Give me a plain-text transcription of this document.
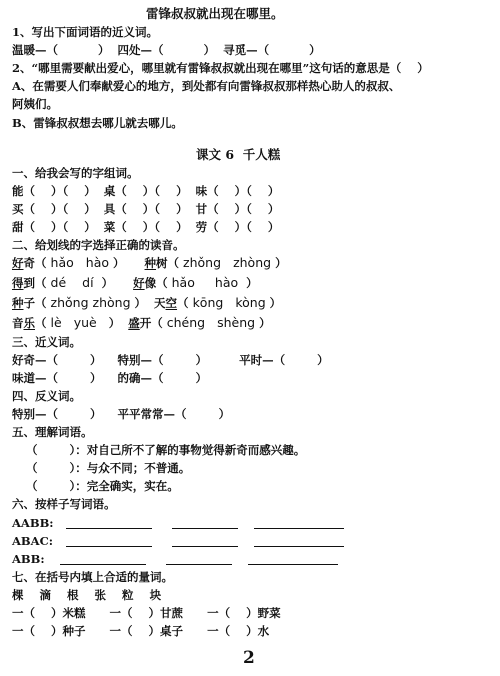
雷锋叔叔就出现在哪里。
1、写出下面词语的近义词。
温暖—（          ）  四处—（          ）  寻觅—（          ）
2、“哪里需要献出爱心，哪里就有雷锋叔叔就出现在哪里”这句话的意思是（    ）
A、在需要人们奉献爱心的地方，到处都有向雷锋叔叔那样热心助人的叔叔、
阿姨们。
B、雷锋叔叔想去哪儿就去哪儿。
课文 6  千人糕
一、给我会写的字组词。
能（    ）（    ）  桌（    ）（    ）  味（    ）（    ）
买（    ）（    ）  具（    ）（    ）  甘（    ）（    ）
甜（    ）（    ）  菜（    ）（    ）  劳（    ）（    ）
二、给划线的字选择正确的读音。
好奇（ hǎo hào ）     种树（ zhǒng zhòng ）
得到（ dé dí  ）     好像（ hǎo hào  ）
种子（ zhǒng zhòng ）  天空（ kōng kòng ）
音乐（ lè yuè   ）  盛开（ chéng shèng ）
三、近义词。
好奇—（        ）    特别—（        ）        平时—（        ）
味道—（        ）    的确—（        ）
四、反义词。
特别—（        ）    平平常常—（        ）
五、理解词语。
（        ）：对自己所不了解的事物觉得新奇而感兴趣。
（        ）：与众不同；不普通。
（        ）：完全确实，实在。
六、按样子写词语。
AABB:
ABAC:
ABB:
七、在括号内填上合适的量词。
棵    滴    根    张    粒    块
一（    ）米糕      一（    ）甘蔗      一（    ）野菜
一（    ）种子      一（    ）桌子      一（    ）水
2
